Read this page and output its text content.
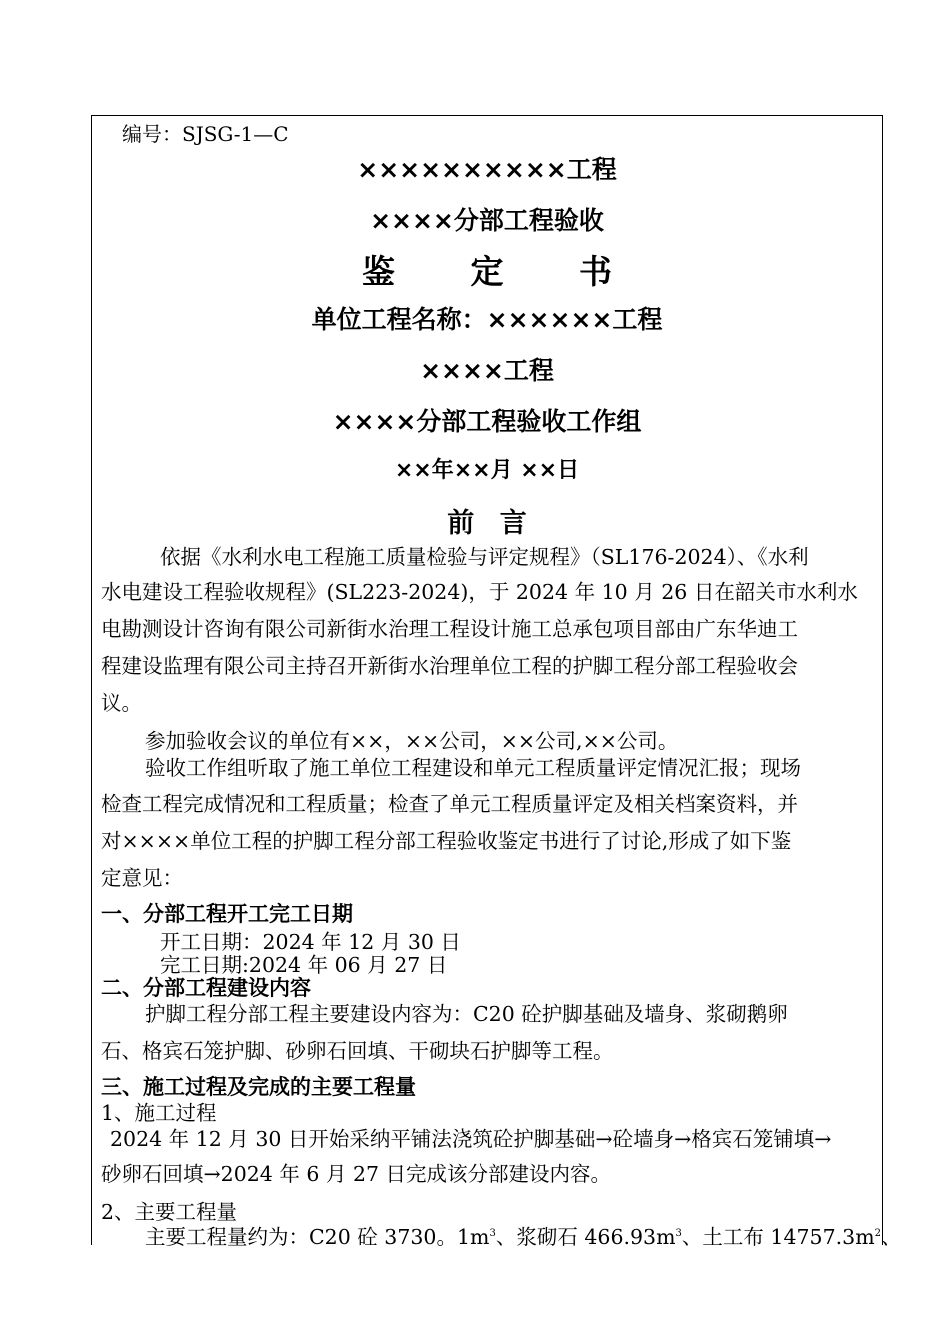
编号：SJSG-1—C
××××××××××工程
××××分部工程验收
鉴 定 书
单位工程名称：××××××工程
××××工程
××××分部工程验收工作组
××年××月 ××日
前 言
依据《水利水电工程施工质量检验与评定规程》（SL176-2024）、《水利
水电建设工程验收规程》(SL223-2024)，于 2024 年 10 月 26 日在韶关市水利水
电勘测设计咨询有限公司新街水治理工程设计施工总承包项目部由广东华迪工
程建设监理有限公司主持召开新街水治理单位工程的护脚工程分部工程验收会
议。
参加验收会议的单位有××，××公司，××公司,××公司。
验收工作组听取了施工单位工程建设和单元工程质量评定情况汇报；现场
检查工程完成情况和工程质量；检查了单元工程质量评定及相关档案资料，并
对××××单位工程的护脚工程分部工程验收鉴定书进行了讨论,形成了如下鉴
定意见：
一、分部工程开工完工日期
开工日期：2024 年 12 月 30 日
完工日期:2024 年 06 月 27 日
二、分部工程建设内容
护脚工程分部工程主要建设内容为：C20 砼护脚基础及墙身、浆砌鹅卵
石、格宾石笼护脚、砂卵石回填、干砌块石护脚等工程。
三、施工过程及完成的主要工程量
1、施工过程
2024 年 12 月 30 日开始采纳平铺法浇筑砼护脚基础→砼墙身→格宾石笼铺填→
砂卵石回填→2024 年 6 月 27 日完成该分部建设内容。
2、主要工程量
主要工程量约为：C20 砼 3730。$1m^3$、浆砌石 $466.93m^3$、土工布 $14757.3m^2$、
